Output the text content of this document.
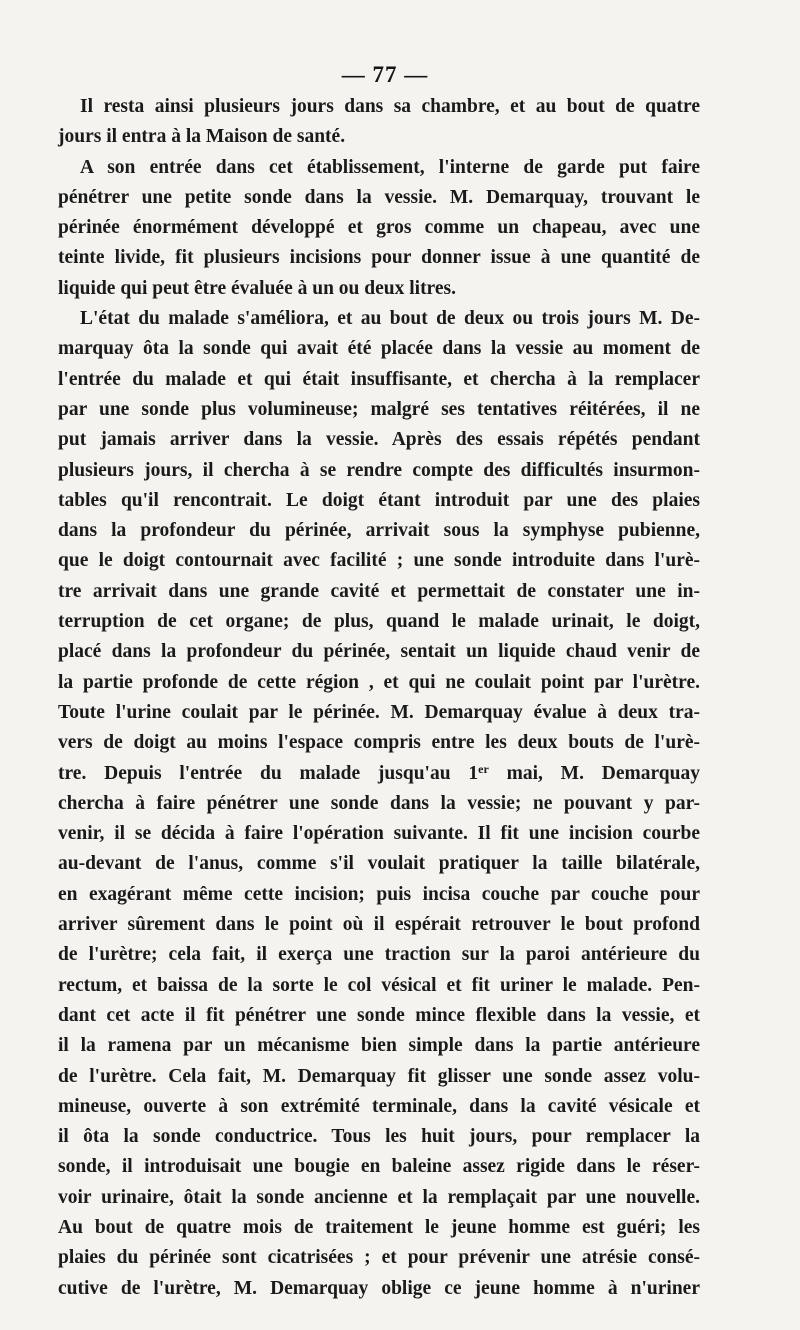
— 77 —
Il resta ainsi plusieurs jours dans sa chambre, et au bout de quatre
jours il entra à la Maison de santé.
A son entrée dans cet établissement, l'interne de garde put faire
pénétrer une petite sonde dans la vessie. M. Demarquay, trouvant le
périnée énormément développé et gros comme un chapeau, avec une
teinte livide, fit plusieurs incisions pour donner issue à une quantité de
liquide qui peut être évaluée à un ou deux litres.
L'état du malade s'améliora, et au bout de deux ou trois jours M. De-
marquay ôta la sonde qui avait été placée dans la vessie au moment de
l'entrée du malade et qui était insuffisante, et chercha à la remplacer
par une sonde plus volumineuse; malgré ses tentatives réitérées, il ne
put jamais arriver dans la vessie. Après des essais répétés pendant
plusieurs jours, il chercha à se rendre compte des difficultés insurmon-
tables qu'il rencontrait. Le doigt étant introduit par une des plaies
dans la profondeur du périnée, arrivait sous la symphyse pubienne,
que le doigt contournait avec facilité ; une sonde introduite dans l'urè-
tre arrivait dans une grande cavité et permettait de constater une in-
terruption de cet organe; de plus, quand le malade urinait, le doigt,
placé dans la profondeur du périnée, sentait un liquide chaud venir de
la partie profonde de cette région , et qui ne coulait point par l'urètre.
Toute l'urine coulait par le périnée. M. Demarquay évalue à deux tra-
vers de doigt au moins l'espace compris entre les deux bouts de l'urè-
tre. Depuis l'entrée du malade jusqu'au 1er mai, M. Demarquay
chercha à faire pénétrer une sonde dans la vessie; ne pouvant y par-
venir, il se décida à faire l'opération suivante. Il fit une incision courbe
au-devant de l'anus, comme s'il voulait pratiquer la taille bilatérale,
en exagérant même cette incision; puis incisa couche par couche pour
arriver sûrement dans le point où il espérait retrouver le bout profond
de l'urètre; cela fait, il exerça une traction sur la paroi antérieure du
rectum, et baissa de la sorte le col vésical et fit uriner le malade. Pen-
dant cet acte il fit pénétrer une sonde mince flexible dans la vessie, et
il la ramena par un mécanisme bien simple dans la partie antérieure
de l'urètre. Cela fait, M. Demarquay fit glisser une sonde assez volu-
mineuse, ouverte à son extrémité terminale, dans la cavité vésicale et
il ôta la sonde conductrice. Tous les huit jours, pour remplacer la
sonde, il introduisait une bougie en baleine assez rigide dans le réser-
voir urinaire, ôtait la sonde ancienne et la remplaçait par une nouvelle.
Au bout de quatre mois de traitement le jeune homme est guéri; les
plaies du périnée sont cicatrisées ; et pour prévenir une atrésie consé-
cutive de l'urètre, M. Demarquay oblige ce jeune homme à n'uriner
